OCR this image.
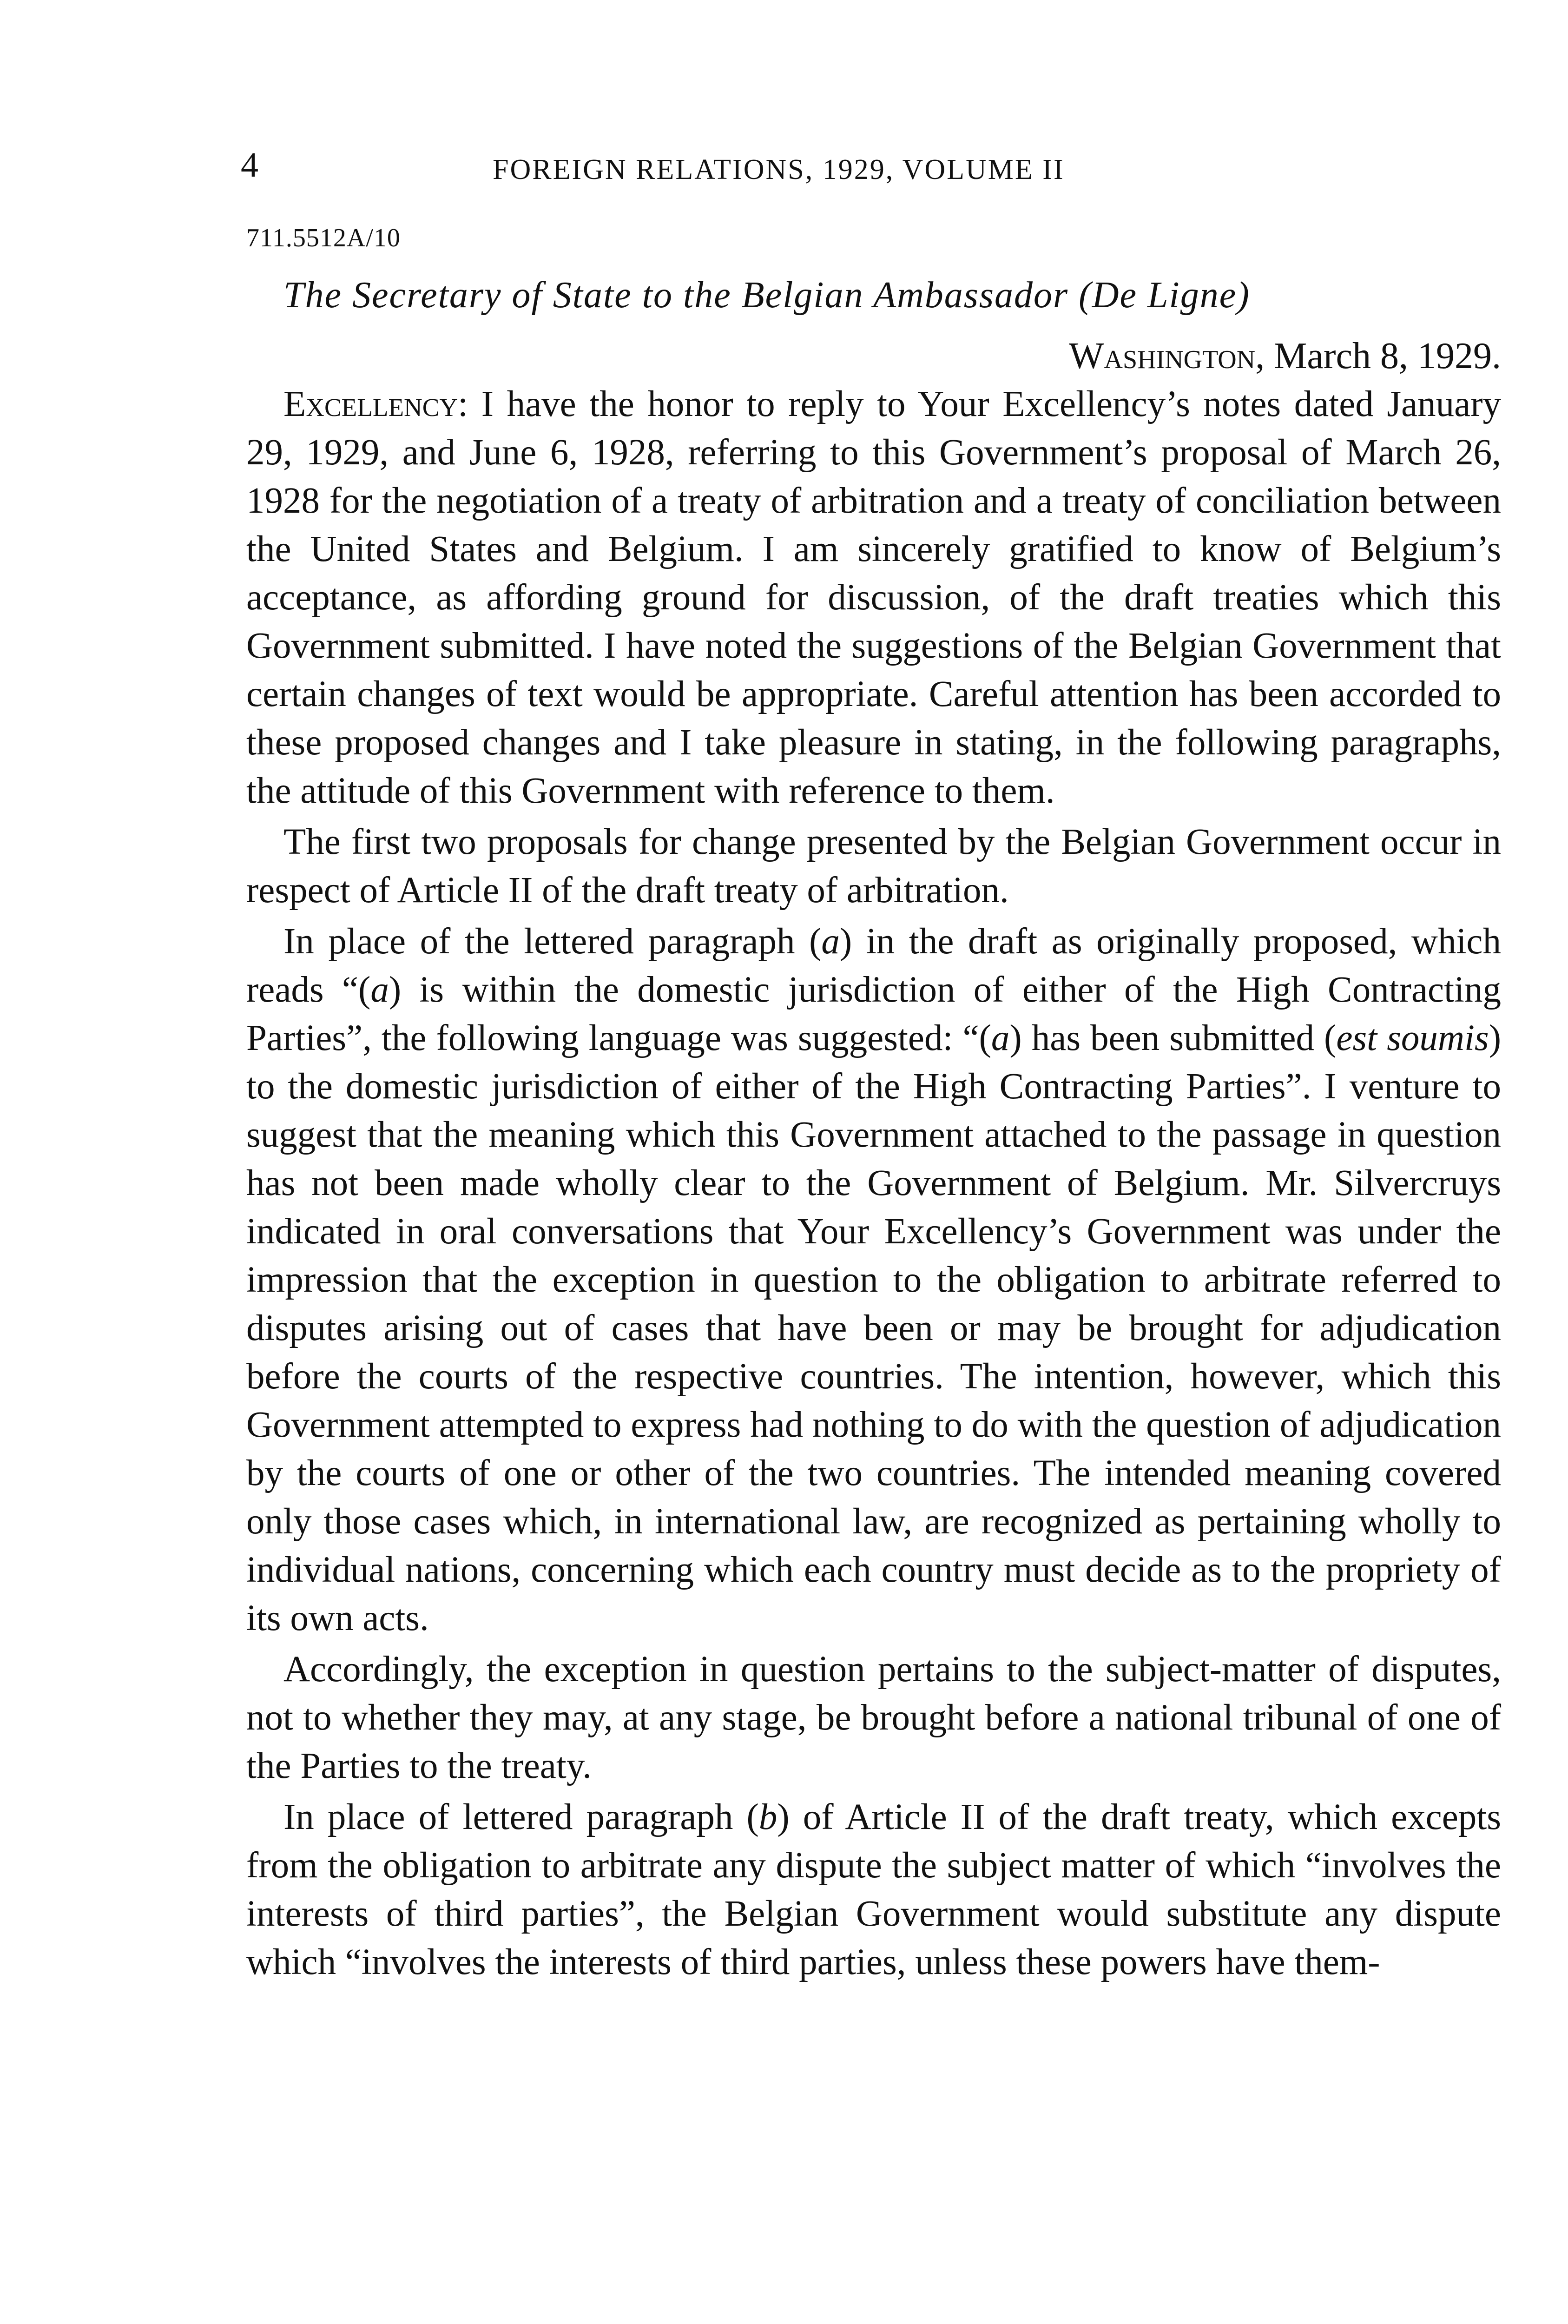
4	FOREIGN RELATIONS, 1929, VOLUME II
711.5512A/10
The Secretary of State to the Belgian Ambassador (De Ligne)
Washington, March 8, 1929.

Excellency: I have the honor to reply to Your Excellency’s notes dated January 29, 1929, and June 6, 1928, referring to this Government’s proposal of March 26, 1928 for the negotiation of a treaty of arbitration and a treaty of conciliation between the United States and Belgium. I am sincerely gratified to know of Belgium’s acceptance, as affording ground for discussion, of the draft treaties which this Government submitted. I have noted the suggestions of the Belgian Government that certain changes of text would be appropriate. Careful attention has been accorded to these proposed changes and I take pleasure in stating, in the following paragraphs, the attitude of this Government with reference to them.

The first two proposals for change presented by the Belgian Government occur in respect of Article II of the draft treaty of arbitration.

In place of the lettered paragraph (a) in the draft as originally proposed, which reads “(a) is within the domestic jurisdiction of either of the High Contracting Parties”, the following language was suggested: “(a) has been submitted (est soumis) to the domestic jurisdiction of either of the High Contracting Parties”. I venture to suggest that the meaning which this Government attached to the passage in question has not been made wholly clear to the Government of Belgium. Mr. Silvercruys indicated in oral conversations that Your Excellency’s Government was under the impression that the exception in question to the obligation to arbitrate referred to disputes arising out of cases that have been or may be brought for adjudication before the courts of the respective countries. The intention, however, which this Government attempted to express had nothing to do with the question of adjudication by the courts of one or other of the two countries. The intended meaning covered only those cases which, in international law, are recognized as pertaining wholly to individual nations, concerning which each country must decide as to the propriety of its own acts.

Accordingly, the exception in question pertains to the subject-matter of disputes, not to whether they may, at any stage, be brought before a national tribunal of one of the Parties to the treaty.

In place of lettered paragraph (b) of Article II of the draft treaty, which excepts from the obligation to arbitrate any dispute the subject matter of which “involves the interests of third parties”, the Belgian Government would substitute any dispute which “involves the interests of third parties, unless these powers have them-
